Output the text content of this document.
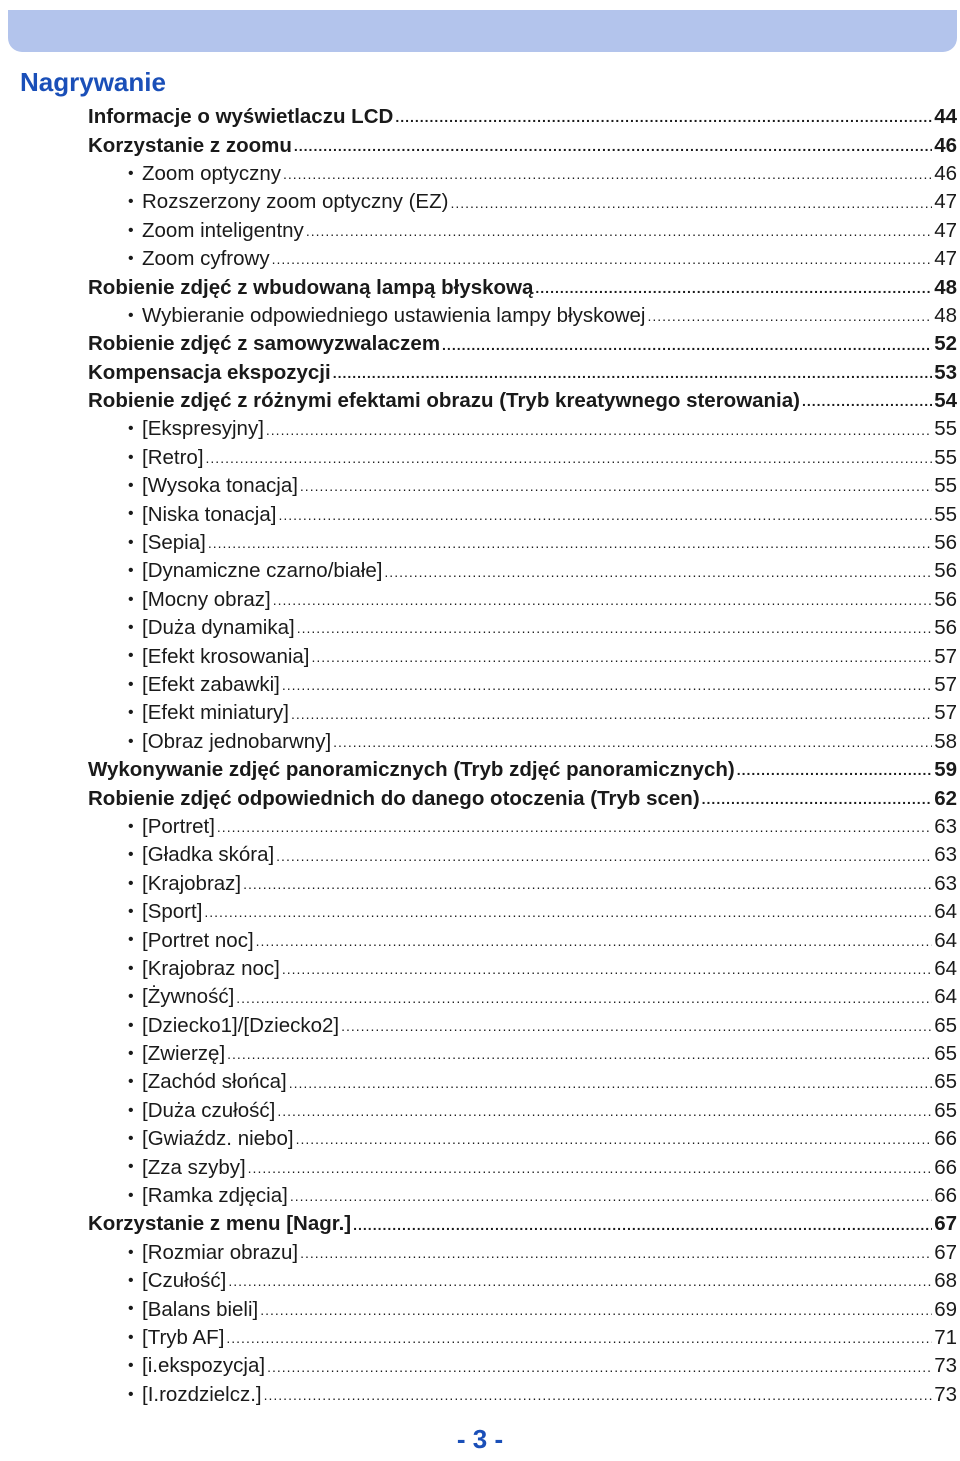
Nagrywanie
Informacje o wyświetlaczu LCD .....	44
Korzystanie z zoomu .....	46
• Zoom optyczny .....	46
• Rozszerzony zoom optyczny (EZ) .....	47
• Zoom inteligentny .....	47
• Zoom cyfrowy .....	47
Robienie zdjęć z wbudowaną lampą błyskową .....	48
• Wybieranie odpowiedniego ustawienia lampy błyskowej .....	48
Robienie zdjęć z samowyzwalaczem .....	52
Kompensacja ekspozycji .....	53
Robienie zdjęć z różnymi efektami obrazu (Tryb kreatywnego sterowania) .....	54
• [Ekspresyjny] .....	55
• [Retro] .....	55
• [Wysoka tonacja] .....	55
• [Niska tonacja] .....	55
• [Sepia] .....	56
• [Dynamiczne czarno/białe] .....	56
• [Mocny obraz] .....	56
• [Duża dynamika] .....	56
• [Efekt krosowania] .....	57
• [Efekt zabawki] .....	57
• [Efekt miniatury] .....	57
• [Obraz jednobarwny] .....	58
Wykonywanie zdjęć panoramicznych (Tryb zdjęć panoramicznych) .....	59
Robienie zdjęć odpowiednich do danego otoczenia (Tryb scen) .....	62
• [Portret] .....	63
• [Gładka skóra] .....	63
• [Krajobraz] .....	63
• [Sport] .....	64
• [Portret noc] .....	64
• [Krajobraz noc] .....	64
• [Żywność] .....	64
• [Dziecko1]/[Dziecko2] .....	65
• [Zwierzę] .....	65
• [Zachód słońca] .....	65
• [Duża czułość] .....	65
• [Gwiaźdz. niebo] .....	66
• [Zza szyby] .....	66
• [Ramka zdjęcia] .....	66
Korzystanie z menu [Nagr.] .....	67
• [Rozmiar obrazu] .....	67
• [Czułość] .....	68
• [Balans bieli] .....	69
• [Tryb AF] .....	71
• [i.ekspozycja] .....	73
• [I.rozdzielcz.] .....	73
- 3 -
